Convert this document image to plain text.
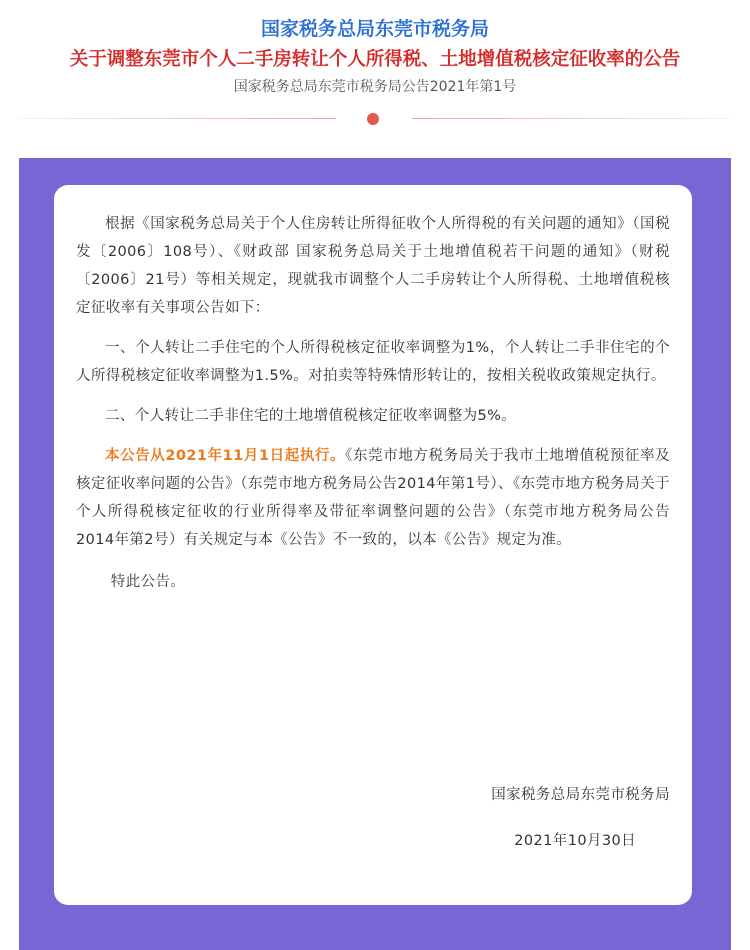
国家税务总局东莞市税务局
关于调整东莞市个人二手房转让个人所得税、土地增值税核定征收率的公告
国家税务总局东莞市税务局公告2021年第1号

根据《国家税务总局关于个人住房转让所得征收个人所得税的有关问题的通知》（国税发〔2006〕108号）、《财政部 国家税务总局关于土地增值税若干问题的通知》（财税〔2006〕21号）等相关规定，现就我市调整个人二手房转让个人所得税、土地增值税核定征收率有关事项公告如下：

一、个人转让二手住宅的个人所得税核定征收率调整为1%，个人转让二手非住宅的个人所得税核定征收率调整为1.5%。对拍卖等特殊情形转让的，按相关税收政策规定执行。

二、个人转让二手非住宅的土地增值税核定征收率调整为5%。

本公告从2021年11月1日起执行。《东莞市地方税务局关于我市土地增值税预征率及核定征收率问题的公告》（东莞市地方税务局公告2014年第1号）、《东莞市地方税务局关于个人所得税核定征收的行业所得率及带征率调整问题的公告》（东莞市地方税务局公告2014年第2号）有关规定与本《公告》不一致的，以本《公告》规定为准。

特此公告。

国家税务总局东莞市税务局
2021年10月30日
